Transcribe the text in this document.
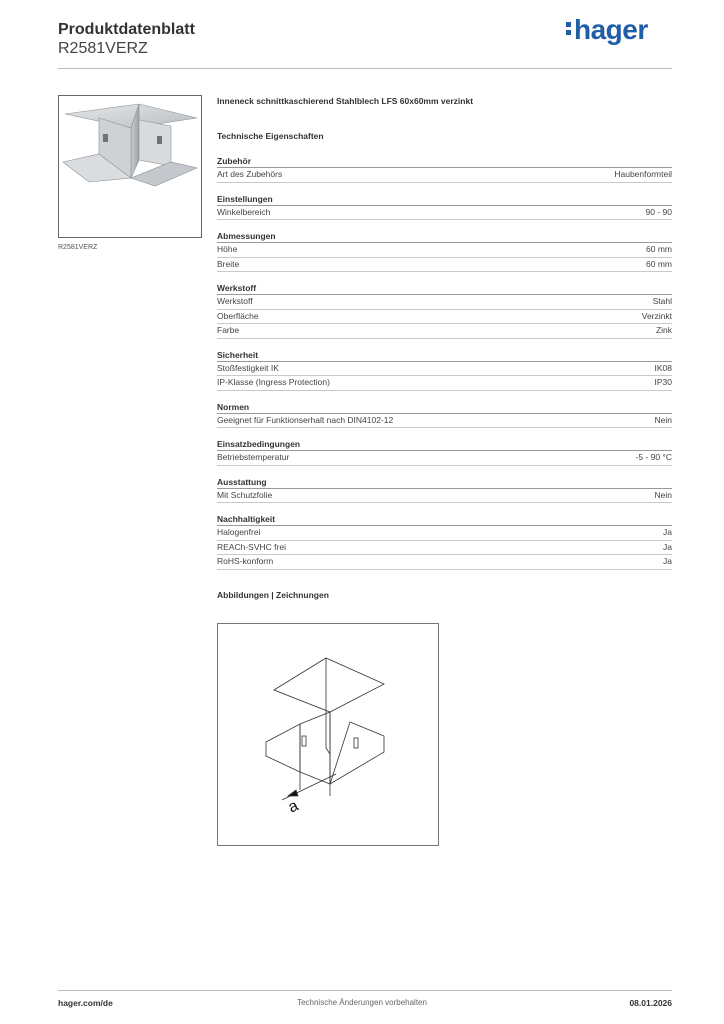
Produktdatenblatt
R2581VERZ
hager
R2581VERZ
Inneneck schnittkaschierend Stahlblech LFS 60x60mm verzinkt
Technische Eigenschaften
Zubehör
Art des Zubehörs	Haubenformteil
Einstellungen
Winkelbereich	90 - 90
Abmessungen
Höhe	60 mm
Breite	60 mm
Werkstoff
Werkstoff	Stahl
Oberfläche	Verzinkt
Farbe	Zink
Sicherheit
Stoßfestigkeit IK	IK08
IP-Klasse (Ingress Protection)	IP30
Normen
Geeignet für Funktionserhalt nach DIN4102-12	Nein
Einsatzbedingungen
Betriebstemperatur	-5 - 90 °C
Ausstattung
Mit Schutzfolie	Nein
Nachhaltigkeit
Halogenfrei	Ja
REACh-SVHC frei	Ja
RoHS-konform	Ja
Abbildungen | Zeichnungen
a
hager.com/de	Technische Änderungen vorbehalten	08.01.2026
